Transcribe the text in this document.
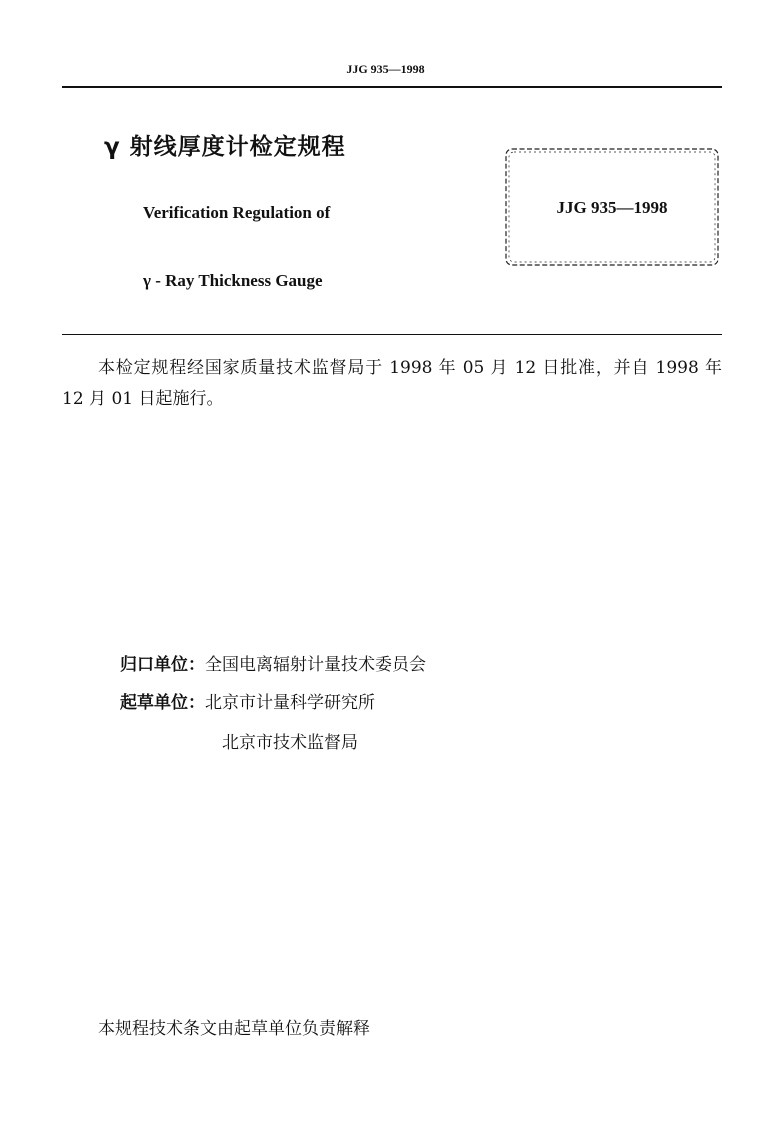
JJG 935—1998
γ 射线厚度计检定规程
Verification Regulation of
γ - Ray Thickness Gauge
JJG 935—1998
本检定规程经国家质量技术监督局于 1998 年 05 月 12 日批准，并自 1998 年 12 月 01 日起施行。
归口单位：全国电离辐射计量技术委员会
起草单位：北京市计量科学研究所
北京市技术监督局
本规程技术条文由起草单位负责解释
